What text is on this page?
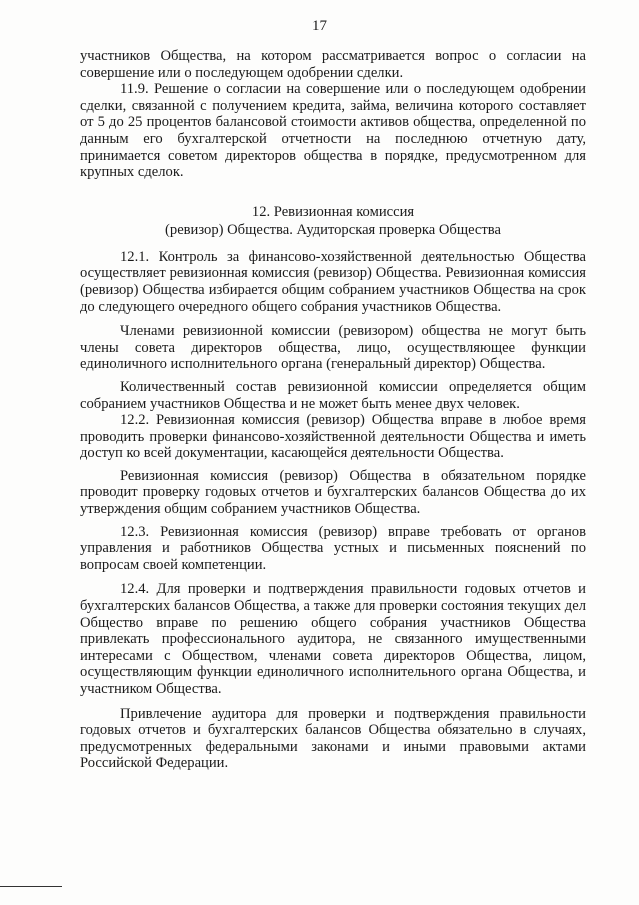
17

участников Общества, на котором рассматривается вопрос о согласии на совершение или о последующем одобрении сделки.

11.9. Решение о согласии на совершение или о последующем одобрении сделки, связанной с получением кредита, займа, величина которого составляет от 5 до 25 процентов балансовой стоимости активов общества, определенной по данным его бухгалтерской отчетности на последнюю отчетную дату, принимается советом директоров общества в порядке, предусмотренном для крупных сделок.

12. Ревизионная комиссия
(ревизор) Общества. Аудиторская проверка Общества

12.1. Контроль за финансово-хозяйственной деятельностью Общества осуществляет ревизионная комиссия (ревизор) Общества. Ревизионная комиссия (ревизор) Общества избирается общим собранием участников Общества на срок до следующего очередного общего собрания участников Общества.

Членами ревизионной комиссии (ревизором) общества не могут быть члены совета директоров общества, лицо, осуществляющее функции единоличного исполнительного органа (генеральный директор) Общества.

Количественный состав ревизионной комиссии определяется общим собранием участников Общества и не может быть менее двух человек.

12.2. Ревизионная комиссия (ревизор) Общества вправе в любое время проводить проверки финансово-хозяйственной деятельности Общества и иметь доступ ко всей документации, касающейся деятельности Общества.

Ревизионная комиссия (ревизор) Общества в обязательном порядке проводит проверку годовых отчетов и бухгалтерских балансов Общества до их утверждения общим собранием участников Общества.

12.3. Ревизионная комиссия (ревизор) вправе требовать от органов управления и работников Общества устных и письменных пояснений по вопросам своей компетенции.

12.4. Для проверки и подтверждения правильности годовых отчетов и бухгалтерских балансов Общества, а также для проверки состояния текущих дел Общество вправе по решению общего собрания участников Общества привлекать профессионального аудитора, не связанного имущественными интересами с Обществом, членами совета директоров Общества, лицом, осуществляющим функции единоличного исполнительного органа Общества, и участником Общества.

Привлечение аудитора для проверки и подтверждения правильности годовых отчетов и бухгалтерских балансов Общества обязательно в случаях, предусмотренных федеральными законами и иными правовыми актами Российской Федерации.
